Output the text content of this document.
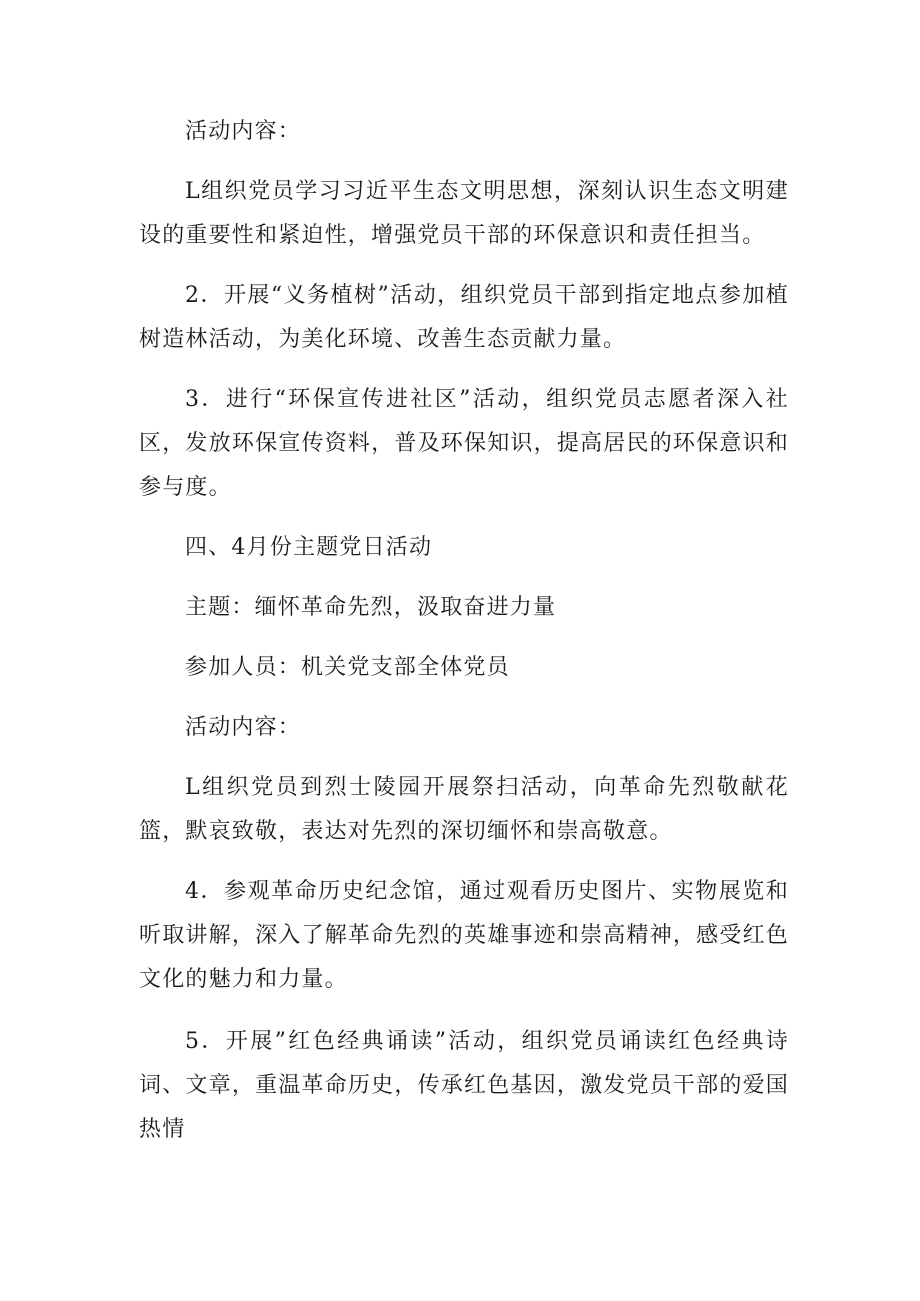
活动内容：

L组织党员学习习近平生态文明思想，深刻认识生态文明建设的重要性和紧迫性，增强党员干部的环保意识和责任担当。

2．开展“义务植树”活动，组织党员干部到指定地点参加植树造林活动，为美化环境、改善生态贡献力量。

3．进行“环保宣传进社区”活动，组织党员志愿者深入社区，发放环保宣传资料，普及环保知识，提高居民的环保意识和参与度。

四、4月份主题党日活动

主题：缅怀革命先烈，汲取奋进力量

参加人员：机关党支部全体党员

活动内容：

L组织党员到烈士陵园开展祭扫活动，向革命先烈敬献花篮，默哀致敬，表达对先烈的深切缅怀和崇高敬意。

4．参观革命历史纪念馆，通过观看历史图片、实物展览和听取讲解，深入了解革命先烈的英雄事迹和崇高精神，感受红色文化的魅力和力量。

5．开展”红色经典诵读”活动，组织党员诵读红色经典诗词、文章，重温革命历史，传承红色基因，激发党员干部的爱国热情
